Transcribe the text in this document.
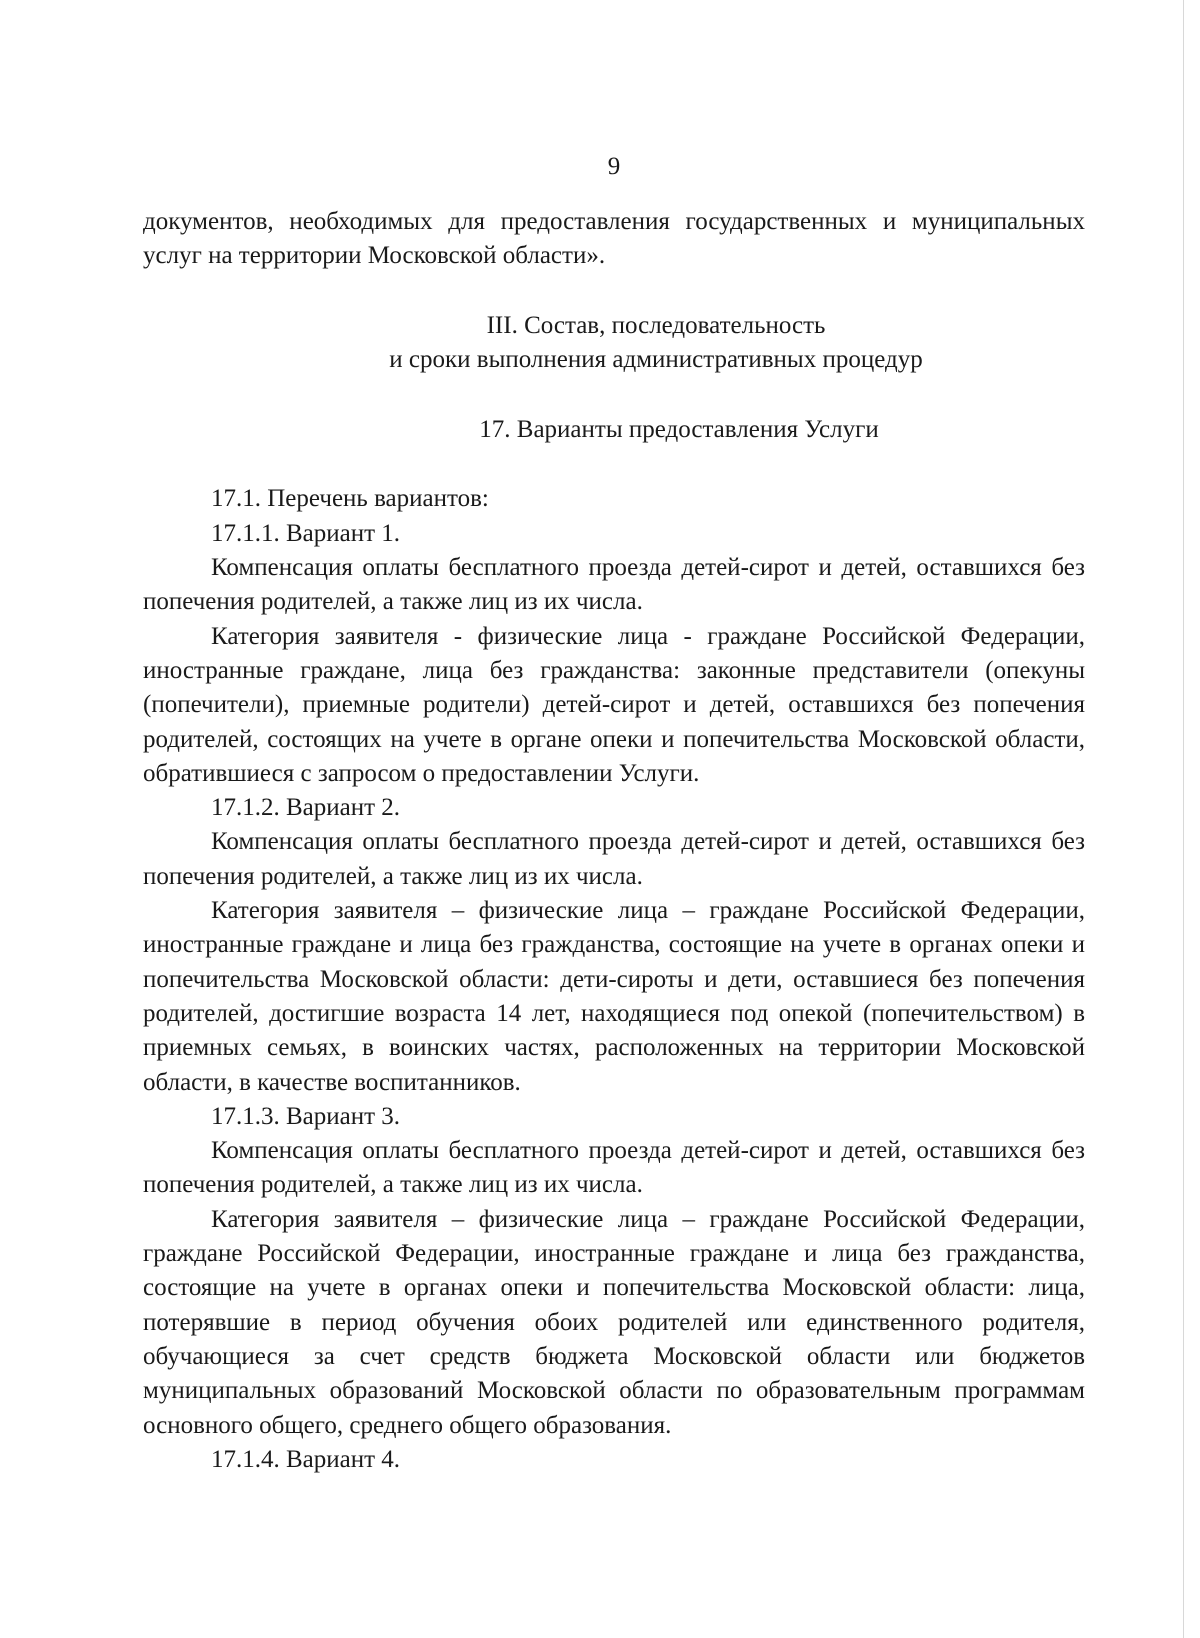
9

документов, необходимых для предоставления государственных и муниципальных услуг на территории Московской области».

III. Состав, последовательность
и сроки выполнения административных процедур
17. Варианты предоставления Услуги

17.1. Перечень вариантов:

17.1.1. Вариант 1.

Компенсация оплаты бесплатного проезда детей-сирот и детей, оставшихся без попечения родителей, а также лиц из их числа.

Категория заявителя - физические лица - граждане Российской Федерации, иностранные граждане, лица без гражданства: законные представители (опекуны (попечители), приемные родители) детей-сирот и детей, оставшихся без попечения родителей, состоящих на учете в органе опеки и попечительства Московской области, обратившиеся с запросом о предоставлении Услуги.

17.1.2. Вариант 2.

Компенсация оплаты бесплатного проезда детей-сирот и детей, оставшихся без попечения родителей, а также лиц из их числа.

Категория заявителя – физические лица – граждане Российской Федерации, иностранные граждане и лица без гражданства, состоящие на учете в органах опеки и попечительства Московской области: дети-сироты и дети, оставшиеся без попечения родителей, достигшие возраста 14 лет, находящиеся под опекой (попечительством) в приемных семьях, в воинских частях, расположенных на территории Московской области, в качестве воспитанников.

17.1.3. Вариант 3.

Компенсация оплаты бесплатного проезда детей-сирот и детей, оставшихся без попечения родителей, а также лиц из их числа.

Категория заявителя – физические лица – граждане Российской Федерации, граждане Российской Федерации, иностранные граждане и лица без гражданства, состоящие на учете в органах опеки и попечительства Московской области: лица, потерявшие в период обучения обоих родителей или единственного родителя, обучающиеся за счет средств бюджета Московской области или бюджетов муниципальных образований Московской области по образовательным программам основного общего, среднего общего образования.

17.1.4. Вариант 4.
